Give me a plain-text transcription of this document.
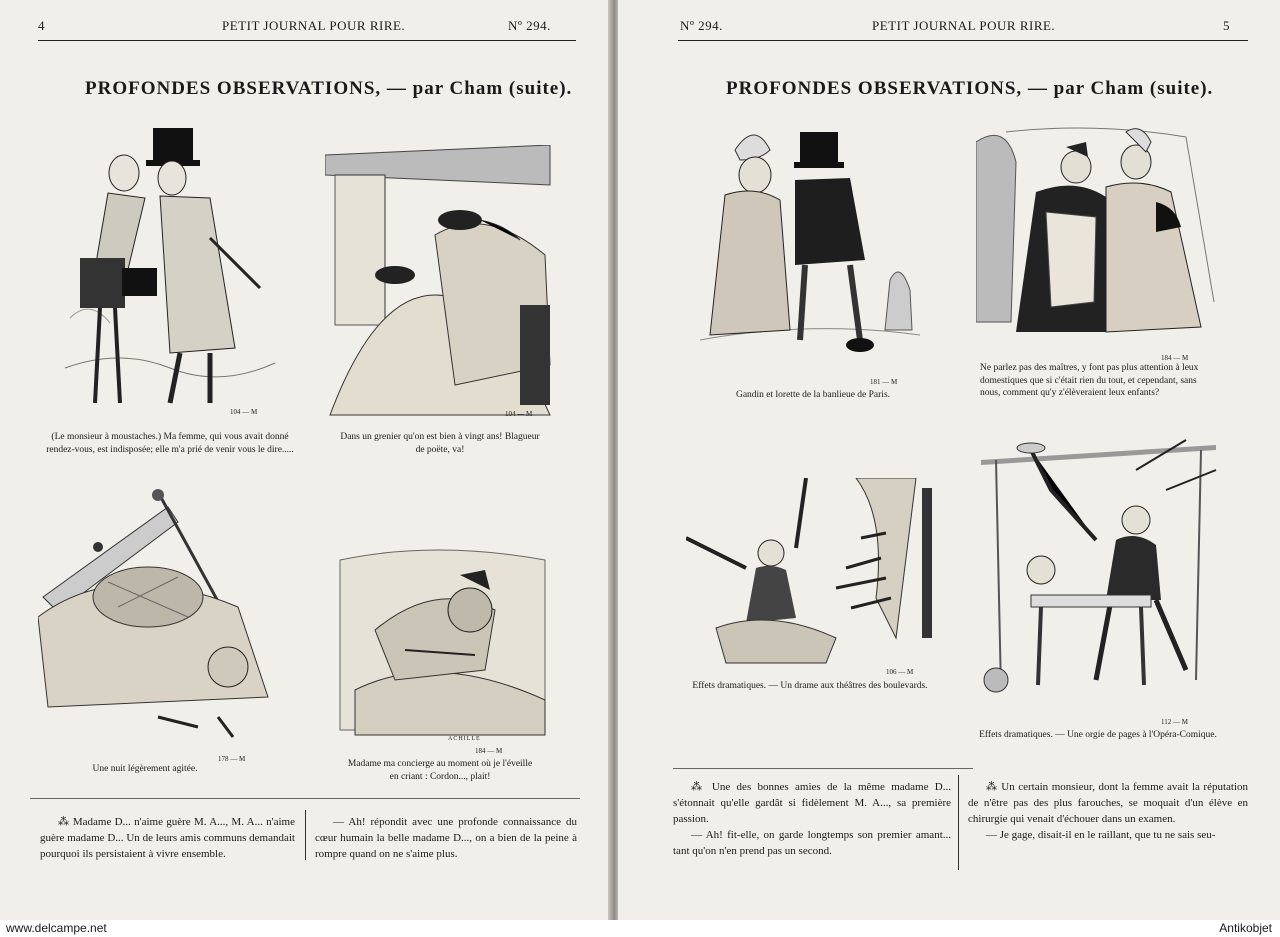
4	PETIT JOURNAL POUR RIRE.	Nº 294.
PROFONDES OBSERVATIONS, — par Cham (suite).
104 — M
(Le monsieur à moustaches.) Ma femme, qui vous avait donné rendez-vous, est indisposée; elle m'a prié de venir vous le dire.....
104 — M
Dans un grenier qu'on est bien à vingt ans! Blagueur de poëte, va!
178 — M
Une nuit légèrement agitée.
ACHILLE
184 — M
Madame ma concierge au moment où je l'éveille en criant : Cordon..., plait!

⁂ Madame D... n'aime guère M. A..., M. A... n'aime guère madame D... Un de leurs amis communs demandait pourquoi ils persistaient à vivre ensemble.

— Ah! répondit avec une profonde connaissance du cœur humain la belle madame D..., on a bien de la peine à rompre quand on ne s'aime plus.

Nº 294.	PETIT JOURNAL POUR RIRE.	5
PROFONDES OBSERVATIONS, — par Cham (suite).
181 — M
Gandin et lorette de la banlieue de Paris.
184 — M
Ne parlez pas des maîtres, y font pas plus attention à leux domestiques que si c'était rien du tout, et cependant, sans nous, comment qu'y z'élèveraient leux enfants?
106 — M
Effets dramatiques. — Un drame aux théâtres des boulevards.
112 — M
Effets dramatiques. — Une orgie de pages à l'Opéra-Comique.

⁂ Une des bonnes amies de la même madame D... s'étonnait qu'elle gardât si fidèlement M. A..., sa première passion.

— Ah! fit-elle, on garde longtemps son premier amant... tant qu'on n'en prend pas un second.

⁂ Un certain monsieur, dont la femme avait la réputation de n'être pas des plus farouches, se moquait d'un élève en chirurgie qui venait d'échouer dans un examen.

— Je gage, disait-il en le raillant, que tu ne sais seu-

www.delcampe.net	Antikobjet
